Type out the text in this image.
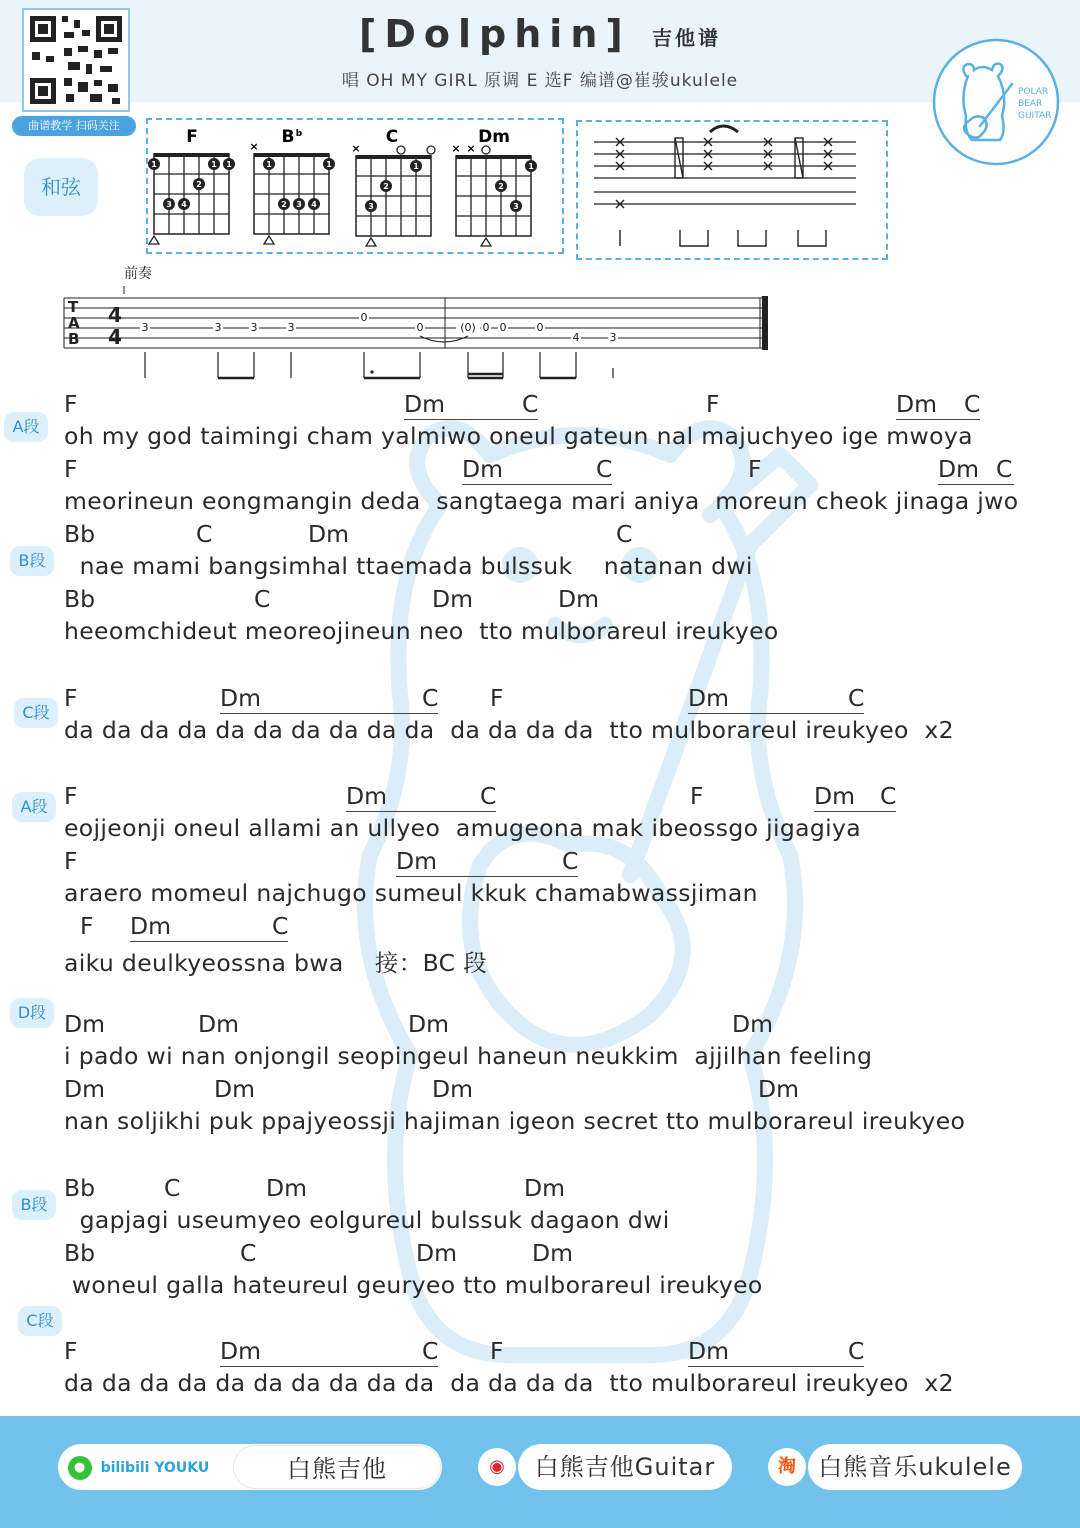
曲谱教学 扫码关注
和弦
[Dolphin] 吉他谱
唱 OH MY GIRL 原调 E 选F 编谱@崔骏ukulele
POLAR
BEAR
GUITAR
F
1	1 1
2
3 4
B b
×
1	1
2 3 4
C
×
1
2
3
Dm
× ×
1
2
3
前奏
T
A
B
4
4 3	3	3	3
0
0	(0) 0 0	0
4	3
A段
B段
C段
A段
D段
B段
C段
F	Dm	C	F	Dm C
oh my god taimingi cham yalmiwo oneul gateun nal majuchyeo ige mwoya
F	Dm	C	F	Dm C
meorineun eongmangin deda  sangtaega mari aniya  moreun cheok jinaga jwo
Bb	C	Dm	C
nae mami bangsimhal ttaemada bulssuk    natanan dwi
Bb	C	Dm	Dm
heeomchideut meoreojineun neo  tto mulborareul ireukyeo
F	Dm	C F	Dm	C
da da da da da da da da da da  da da da da  tto mulborareul ireukyeo  x2
F	Dm	C	F	Dm C
eojjeonji oneul allami an ullyeo  amugeona mak ibeossgo jigagiya
F	Dm	C
araero momeul najchugo sumeul kkuk chamabwassjiman
F Dm	C
aiku deulkyeossna bwa    接：BC 段
Dm	Dm	Dm	Dm
i pado wi nan onjongil seopingeul haneun neukkim  ajjilhan feeling
Dm	Dm	Dm	Dm
nan soljikhi puk ppajyeossji hajiman igeon secret tto mulborareul ireukyeo
Bb	C	Dm	Dm
gapjagi useumyeo eolgureul bulssuk dagaon dwi
Bb	C	Dm	Dm
woneul galla hateureul geuryeo tto mulborareul ireukyeo
F	Dm	C F	Dm	C
da da da da da da da da da da  da da da da  tto mulborareul ireukyeo  x2
● bilibili YOUKU	白熊吉他	◉	白熊吉他Guitar	淘 白熊音乐ukulele
